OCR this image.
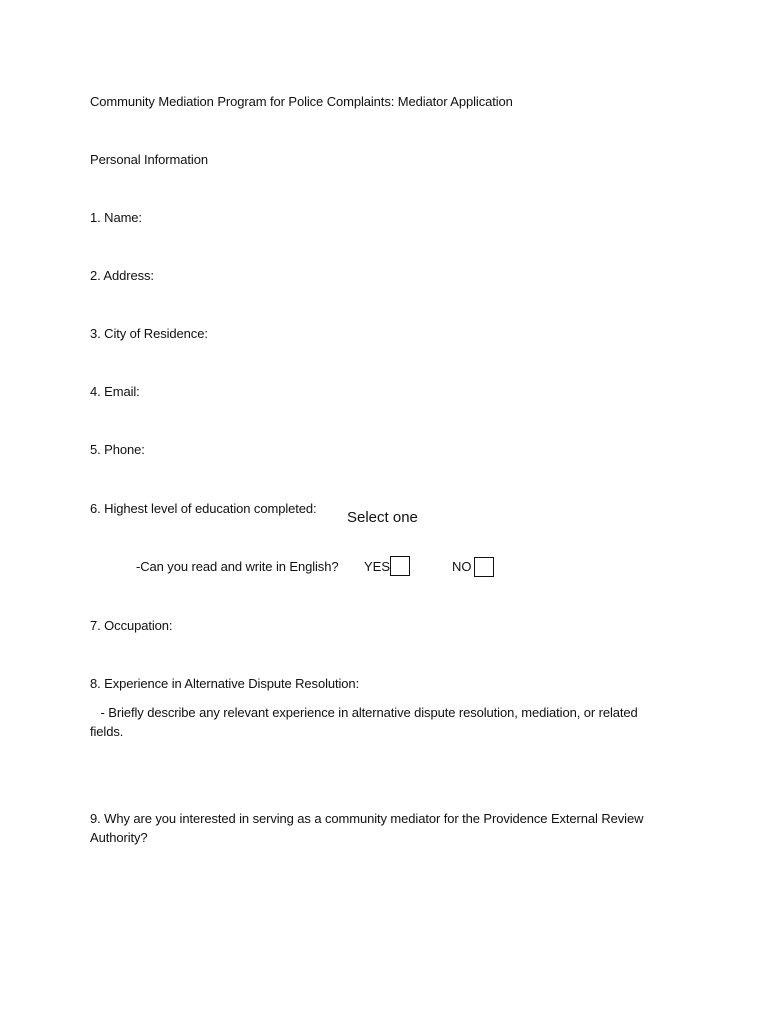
Community Mediation Program for Police Complaints: Mediator Application
Personal Information
1. Name:
2. Address:
3. City of Residence:
4. Email:
5. Phone:
6. Highest level of education completed:
Select one
-Can you read and write in English? YES	NO
7. Occupation:
8. Experience in Alternative Dispute Resolution:
- Briefly describe any relevant experience in alternative dispute resolution, mediation, or related fields.
9. Why are you interested in serving as a community mediator for the Providence External Review Authority?
